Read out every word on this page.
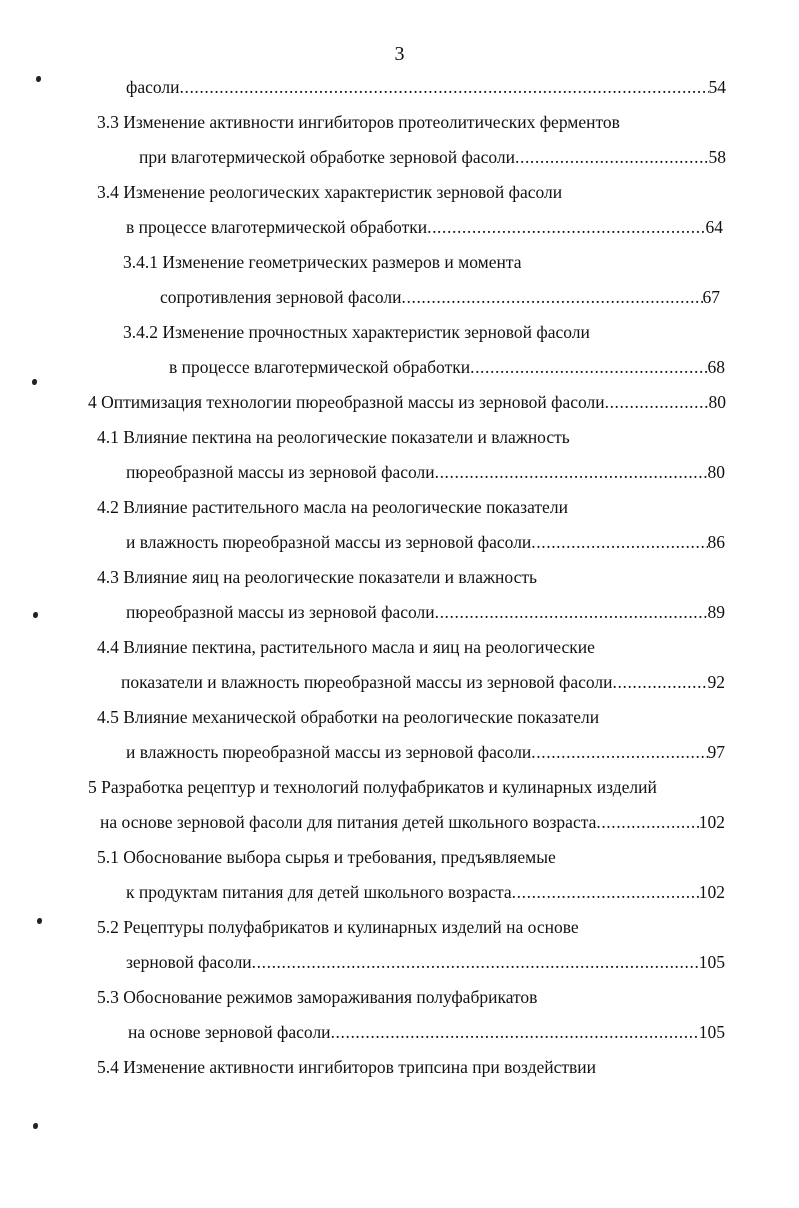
3
фасоли .....	54
3.3 Изменение активности ингибиторов протеолитических ферментов
при влаготермической обработке зерновой фасоли .....	58
3.4 Изменение реологических характеристик зерновой фасоли
в процессе влаготермической обработки .....	64
3.4.1 Изменение геометрических размеров и момента
сопротивления зерновой фасоли .....	67
3.4.2 Изменение прочностных характеристик зерновой фасоли
в процессе влаготермической обработки .....	68
4 Оптимизация технологии пюреобразной массы из зерновой фасоли .....	80
4.1 Влияние пектина на реологические показатели и влажность
пюреобразной массы из зерновой фасоли .....	80
4.2 Влияние растительного масла на реологические показатели
и влажность пюреобразной массы из зерновой фасоли .....	86
4.3 Влияние яиц на реологические показатели и влажность
пюреобразной массы из зерновой фасоли .....	89
4.4 Влияние пектина, растительного масла и яиц на реологические
показатели и влажность пюреобразной массы из зерновой фасоли .....	92
4.5 Влияние механической обработки на реологические показатели
и влажность пюреобразной массы из зерновой фасоли .....	97
5 Разработка рецептур и технологий полуфабрикатов и кулинарных изделий
на основе зерновой фасоли для питания детей школьного возраста .....	102
5.1 Обоснование выбора сырья и требования, предъявляемые
к продуктам питания для детей школьного возраста .....	102
5.2 Рецептуры полуфабрикатов и кулинарных изделий на основе
зерновой фасоли .....	105
5.3 Обоснование режимов замораживания полуфабрикатов
на основе зерновой фасоли .....	105
5.4 Изменение активности ингибиторов трипсина при воздействии
